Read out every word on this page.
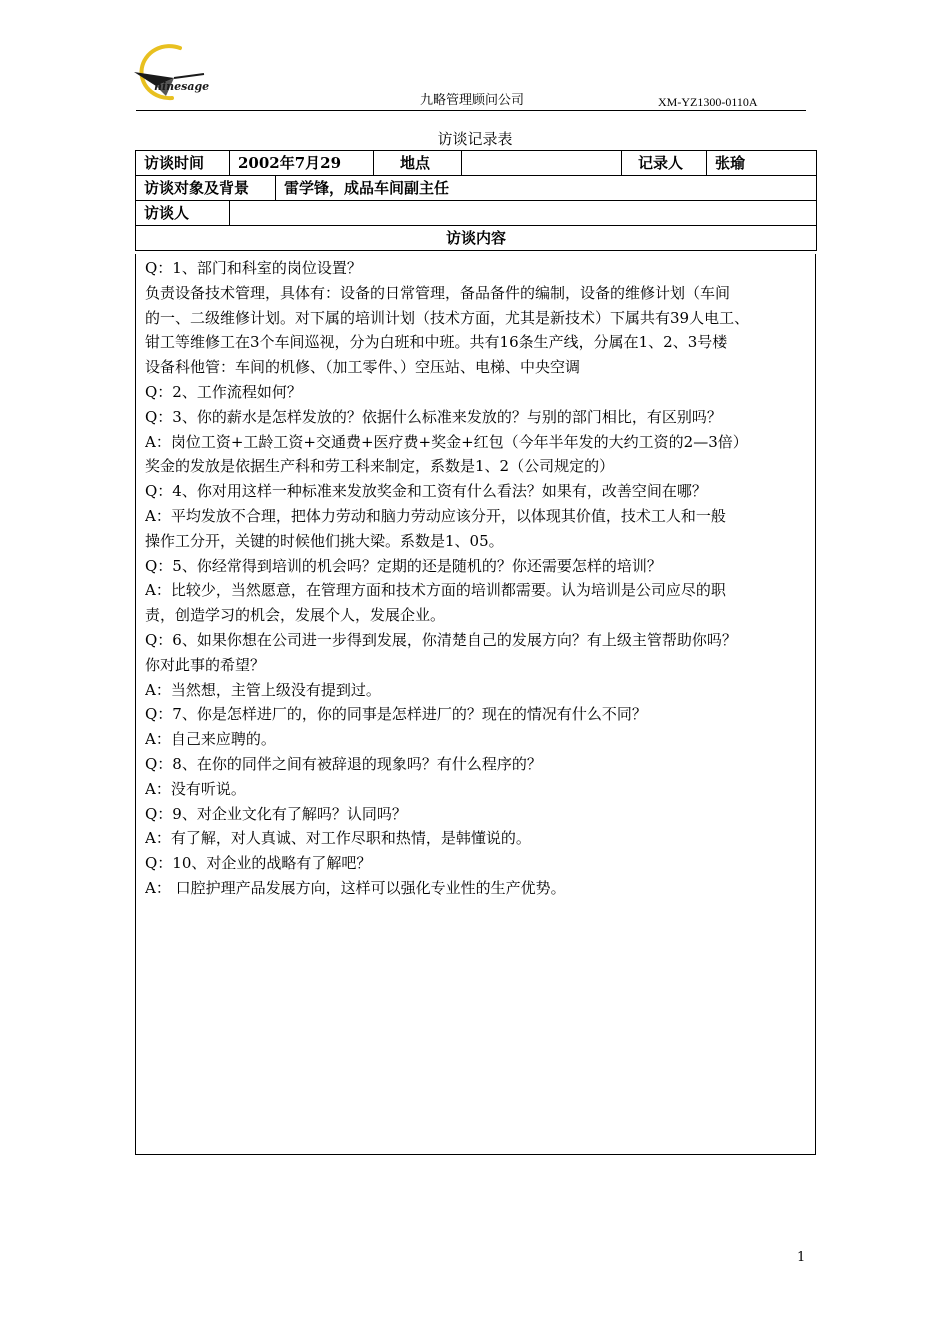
ninesage
九略管理顾问公司	XM-YZ1300-0110A
访谈记录表
访谈时间	2002年7月29		地点		记录人	张瑜
访谈对象及背景		雷学锋，成品车间副主任				
访谈人						
访谈内容						
Q：1、部门和科室的岗位设置？
负责设备技术管理，具体有：设备的日常管理，备品备件的编制，设备的维修计划（车间
的一、二级维修计划。对下属的培训计划（技术方面，尤其是新技术）下属共有39人电工、
钳工等维修工在3个车间巡视，分为白班和中班。共有16条生产线，分属在1、2、3号楼
设备科他管：车间的机修、（加工零件、）空压站、电梯、中央空调
Q：2、工作流程如何？
Q：3、你的薪水是怎样发放的？依据什么标准来发放的？与别的部门相比，有区别吗？
A：岗位工资+工龄工资+交通费+医疗费+奖金+红包（今年半年发的大约工资的2—3倍）
奖金的发放是依据生产科和劳工科来制定，系数是1、2（公司规定的）
Q：4、你对用这样一种标准来发放奖金和工资有什么看法？如果有，改善空间在哪？
A：平均发放不合理，把体力劳动和脑力劳动应该分开，以体现其价值，技术工人和一般
操作工分开，关键的时候他们挑大梁。系数是1、05。
Q：5、你经常得到培训的机会吗？定期的还是随机的？你还需要怎样的培训？
A：比较少，当然愿意，在管理方面和技术方面的培训都需要。认为培训是公司应尽的职
责，创造学习的机会，发展个人，发展企业。
Q：6、如果你想在公司进一步得到发展，你清楚自己的发展方向？有上级主管帮助你吗？
你对此事的希望？
A：当然想，主管上级没有提到过。
Q：7、你是怎样进厂的，你的同事是怎样进厂的？现在的情况有什么不同？
A：自己来应聘的。
Q：8、在你的同伴之间有被辞退的现象吗？有什么程序的？
A：没有听说。
Q：9、对企业文化有了解吗？认同吗？
A：有了解，对人真诚、对工作尽职和热情，是韩懂说的。
Q：10、对企业的战略有了解吧？
A： 口腔护理产品发展方向，这样可以强化专业性的生产优势。
1
